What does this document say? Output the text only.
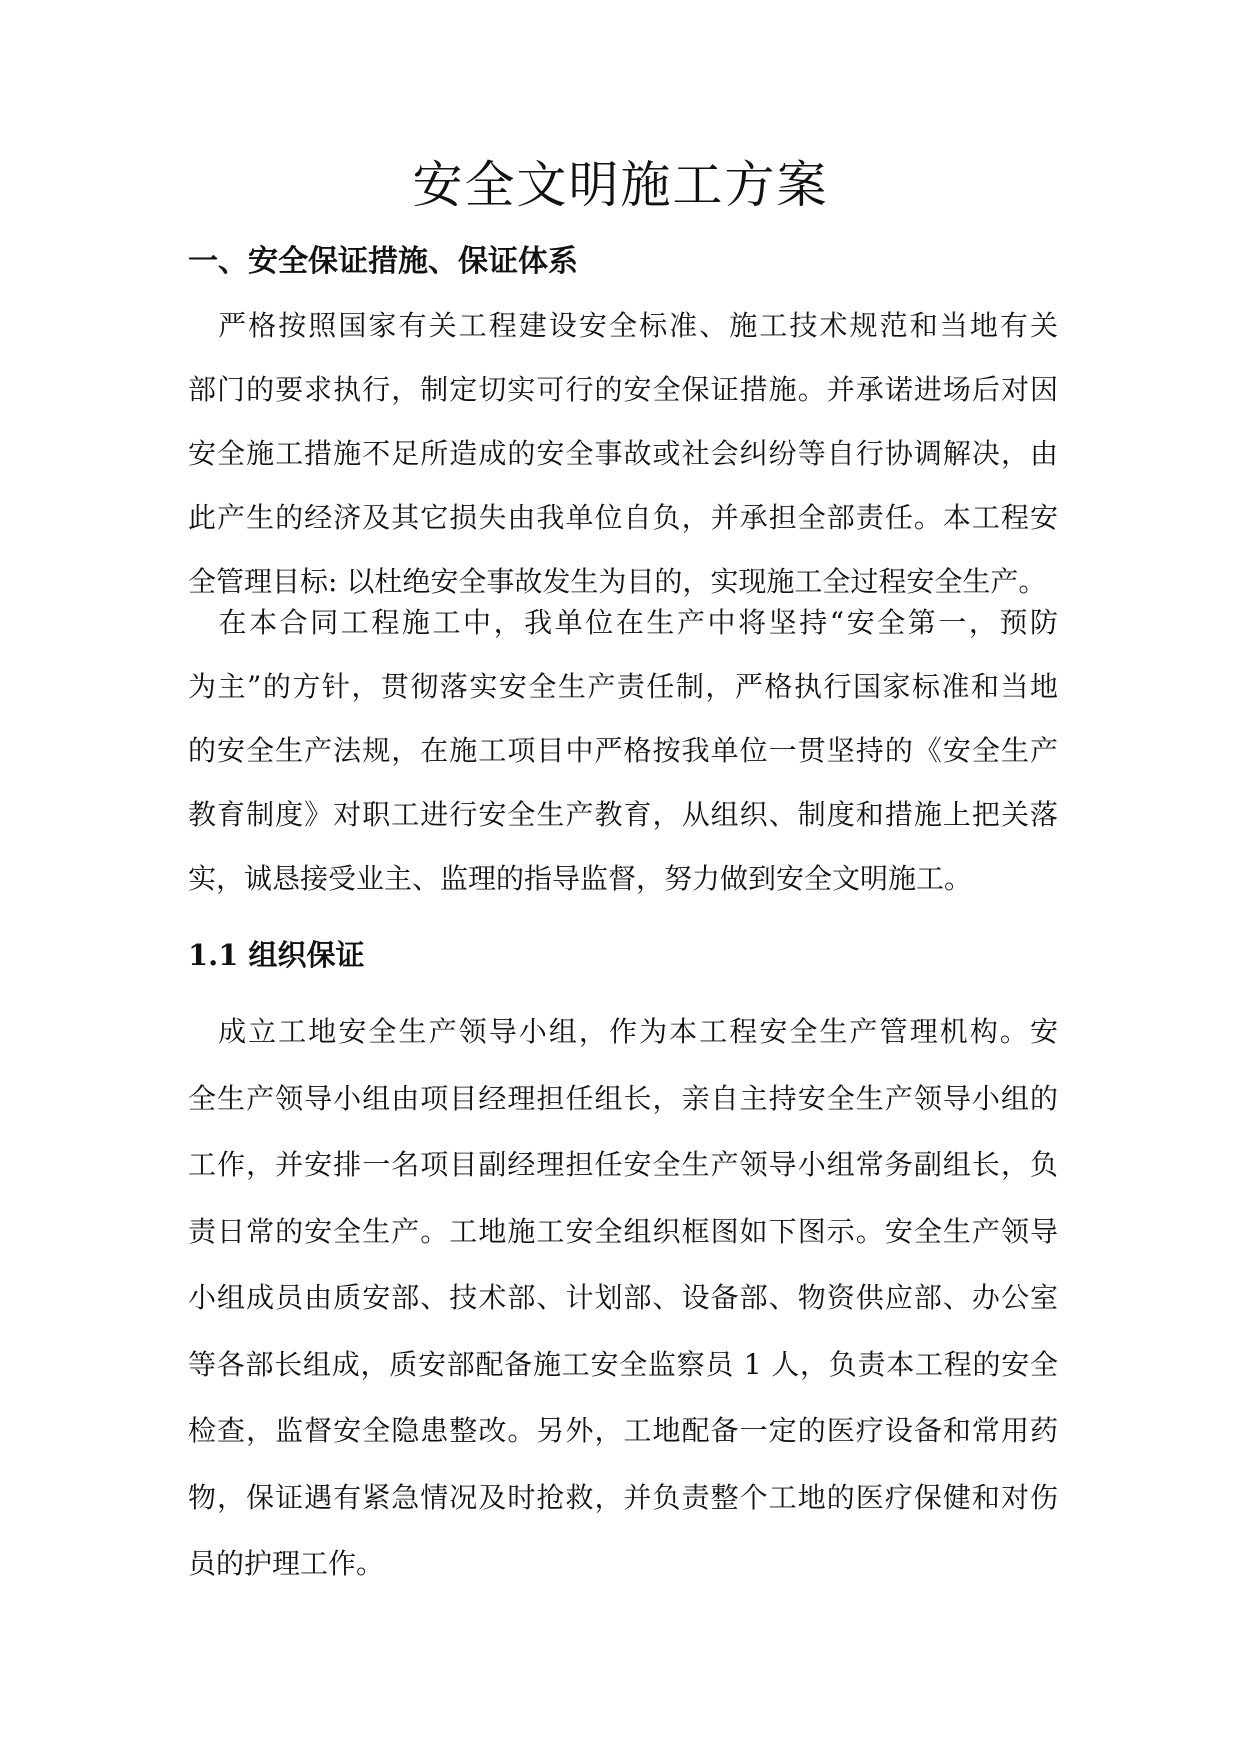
安全文明施工方案
一、安全保证措施、保证体系
　严格按照国家有关工程建设安全标准、施工技术规范和当地有关
部门的要求执行，制定切实可行的安全保证措施。并承诺进场后对因
安全施工措施不足所造成的安全事故或社会纠纷等自行协调解决，由
此产生的经济及其它损失由我单位自负，并承担全部责任。本工程安
全管理目标: 以杜绝安全事故发生为目的，实现施工全过程安全生产。
　在本合同工程施工中，我单位在生产中将坚持“安全第一，预防
为主”的方针，贯彻落实安全生产责任制，严格执行国家标准和当地
的安全生产法规，在施工项目中严格按我单位一贯坚持的《安全生产
教育制度》对职工进行安全生产教育，从组织、制度和措施上把关落
实，诚恳接受业主、监理的指导监督，努力做到安全文明施工。
1.1 组织保证
　成立工地安全生产领导小组，作为本工程安全生产管理机构。安
全生产领导小组由项目经理担任组长，亲自主持安全生产领导小组的
工作，并安排一名项目副经理担任安全生产领导小组常务副组长，负
责日常的安全生产。工地施工安全组织框图如下图示。安全生产领导
小组成员由质安部、技术部、计划部、设备部、物资供应部、办公室
等各部长组成，质安部配备施工安全监察员 1 人，负责本工程的安全
检查，监督安全隐患整改。另外，工地配备一定的医疗设备和常用药
物，保证遇有紧急情况及时抢救，并负责整个工地的医疗保健和对伤
员的护理工作。
